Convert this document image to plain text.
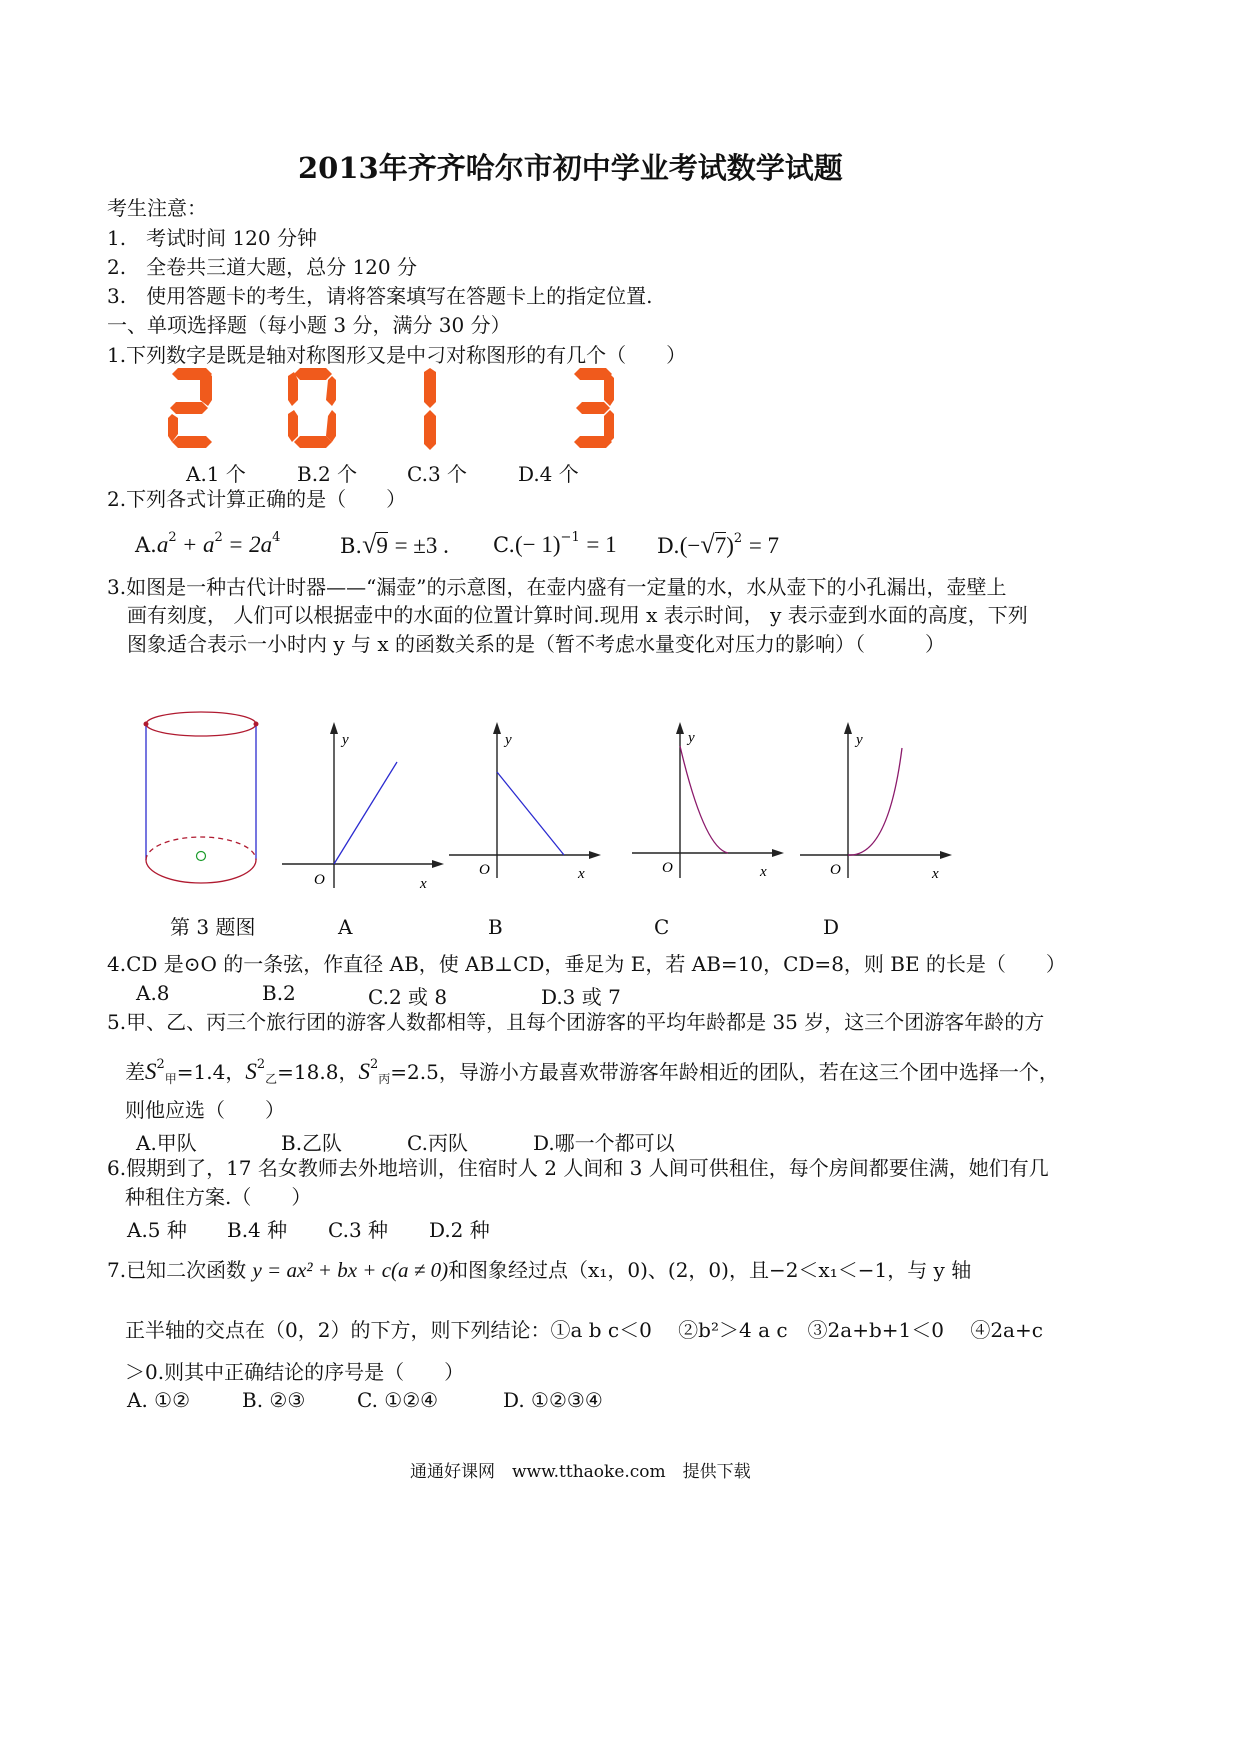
2013年齐齐哈尔市初中学业考试数学试题
考生注意：
1.　考试时间 120 分钟
2.　全卷共三道大题，总分 120 分
3.　使用答题卡的考生，请将答案填写在答题卡上的指定位置.
一、单项选择题（每小题 3 分，满分 30 分）
1.下列数字是既是轴对称图形又是中刁对称图形的有几个（　　）
A.1 个	B.2 个 C.3 个	D.4 个
2.下列各式计算正确的是（　　）
$A.a^2 + a^2 = 2a^4$	B.√9 = ±3 . $C.(- 1)^{-1} = 1$ $D.(-√7)^2 = 7$
3.如图是一种古代计时器——“漏壶”的示意图，在壶内盛有一定量的水，水从壶下的小孔漏出，壶壁上
画有刻度， 人们可以根据壶中的水面的位置计算时间.现用 x 表示时间， y 表示壶到水面的高度，下列
图象适合表示一小时内 y 与 x 的函数关系的是（暂不考虑水量变化对压力的影响）（　　　）
y
O	x
y
O	x
y
O	x
y
O	x
第 3 题图	A	B	C	D
4.CD 是⊙O 的一条弦，作直径 AB，使 AB⊥CD，垂足为 E，若 AB=10，CD=8，则 BE 的长是（　　）
A.8	B.2	C.2 或 8	D.3 或 7
5.甲、乙、丙三个旅行团的游客人数都相等，且每个团游客的平均年龄都是 35 岁，这三个团游客年龄的方
差$S^2_甲=1.4$，$S^2_乙=18.8$，$S^2_丙=2.5$，导游小方最喜欢带游客年龄相近的团队，若在这三个团中选择一个，
则他应选（　　）
A.甲队	B.乙队	C.丙队	D.哪一个都可以
6.假期到了，17 名女教师去外地培训，住宿时人 2 人间和 3 人间可供租住，每个房间都要住满，她们有几
种租住方案.（　　）
A.5 种 B.4 种 C.3 种 D.2 种
7.已知二次函数 y = ax² + bx + c(a ≠ 0)和图象经过点（x₁，0)、(2，0)，且−2＜x₁＜−1，与 y 轴
正半轴的交点在（0，2）的下方，则下列结论：①a b c＜0　 ②b²＞4 a c　③2a+b+1＜0　 ④2a+c
＞0.则其中正确结论的序号是（　　）
A. ①②	B. ②③	C. ①②④	D. ①②③④
通通好课网　www.tthaoke.com　提供下载
